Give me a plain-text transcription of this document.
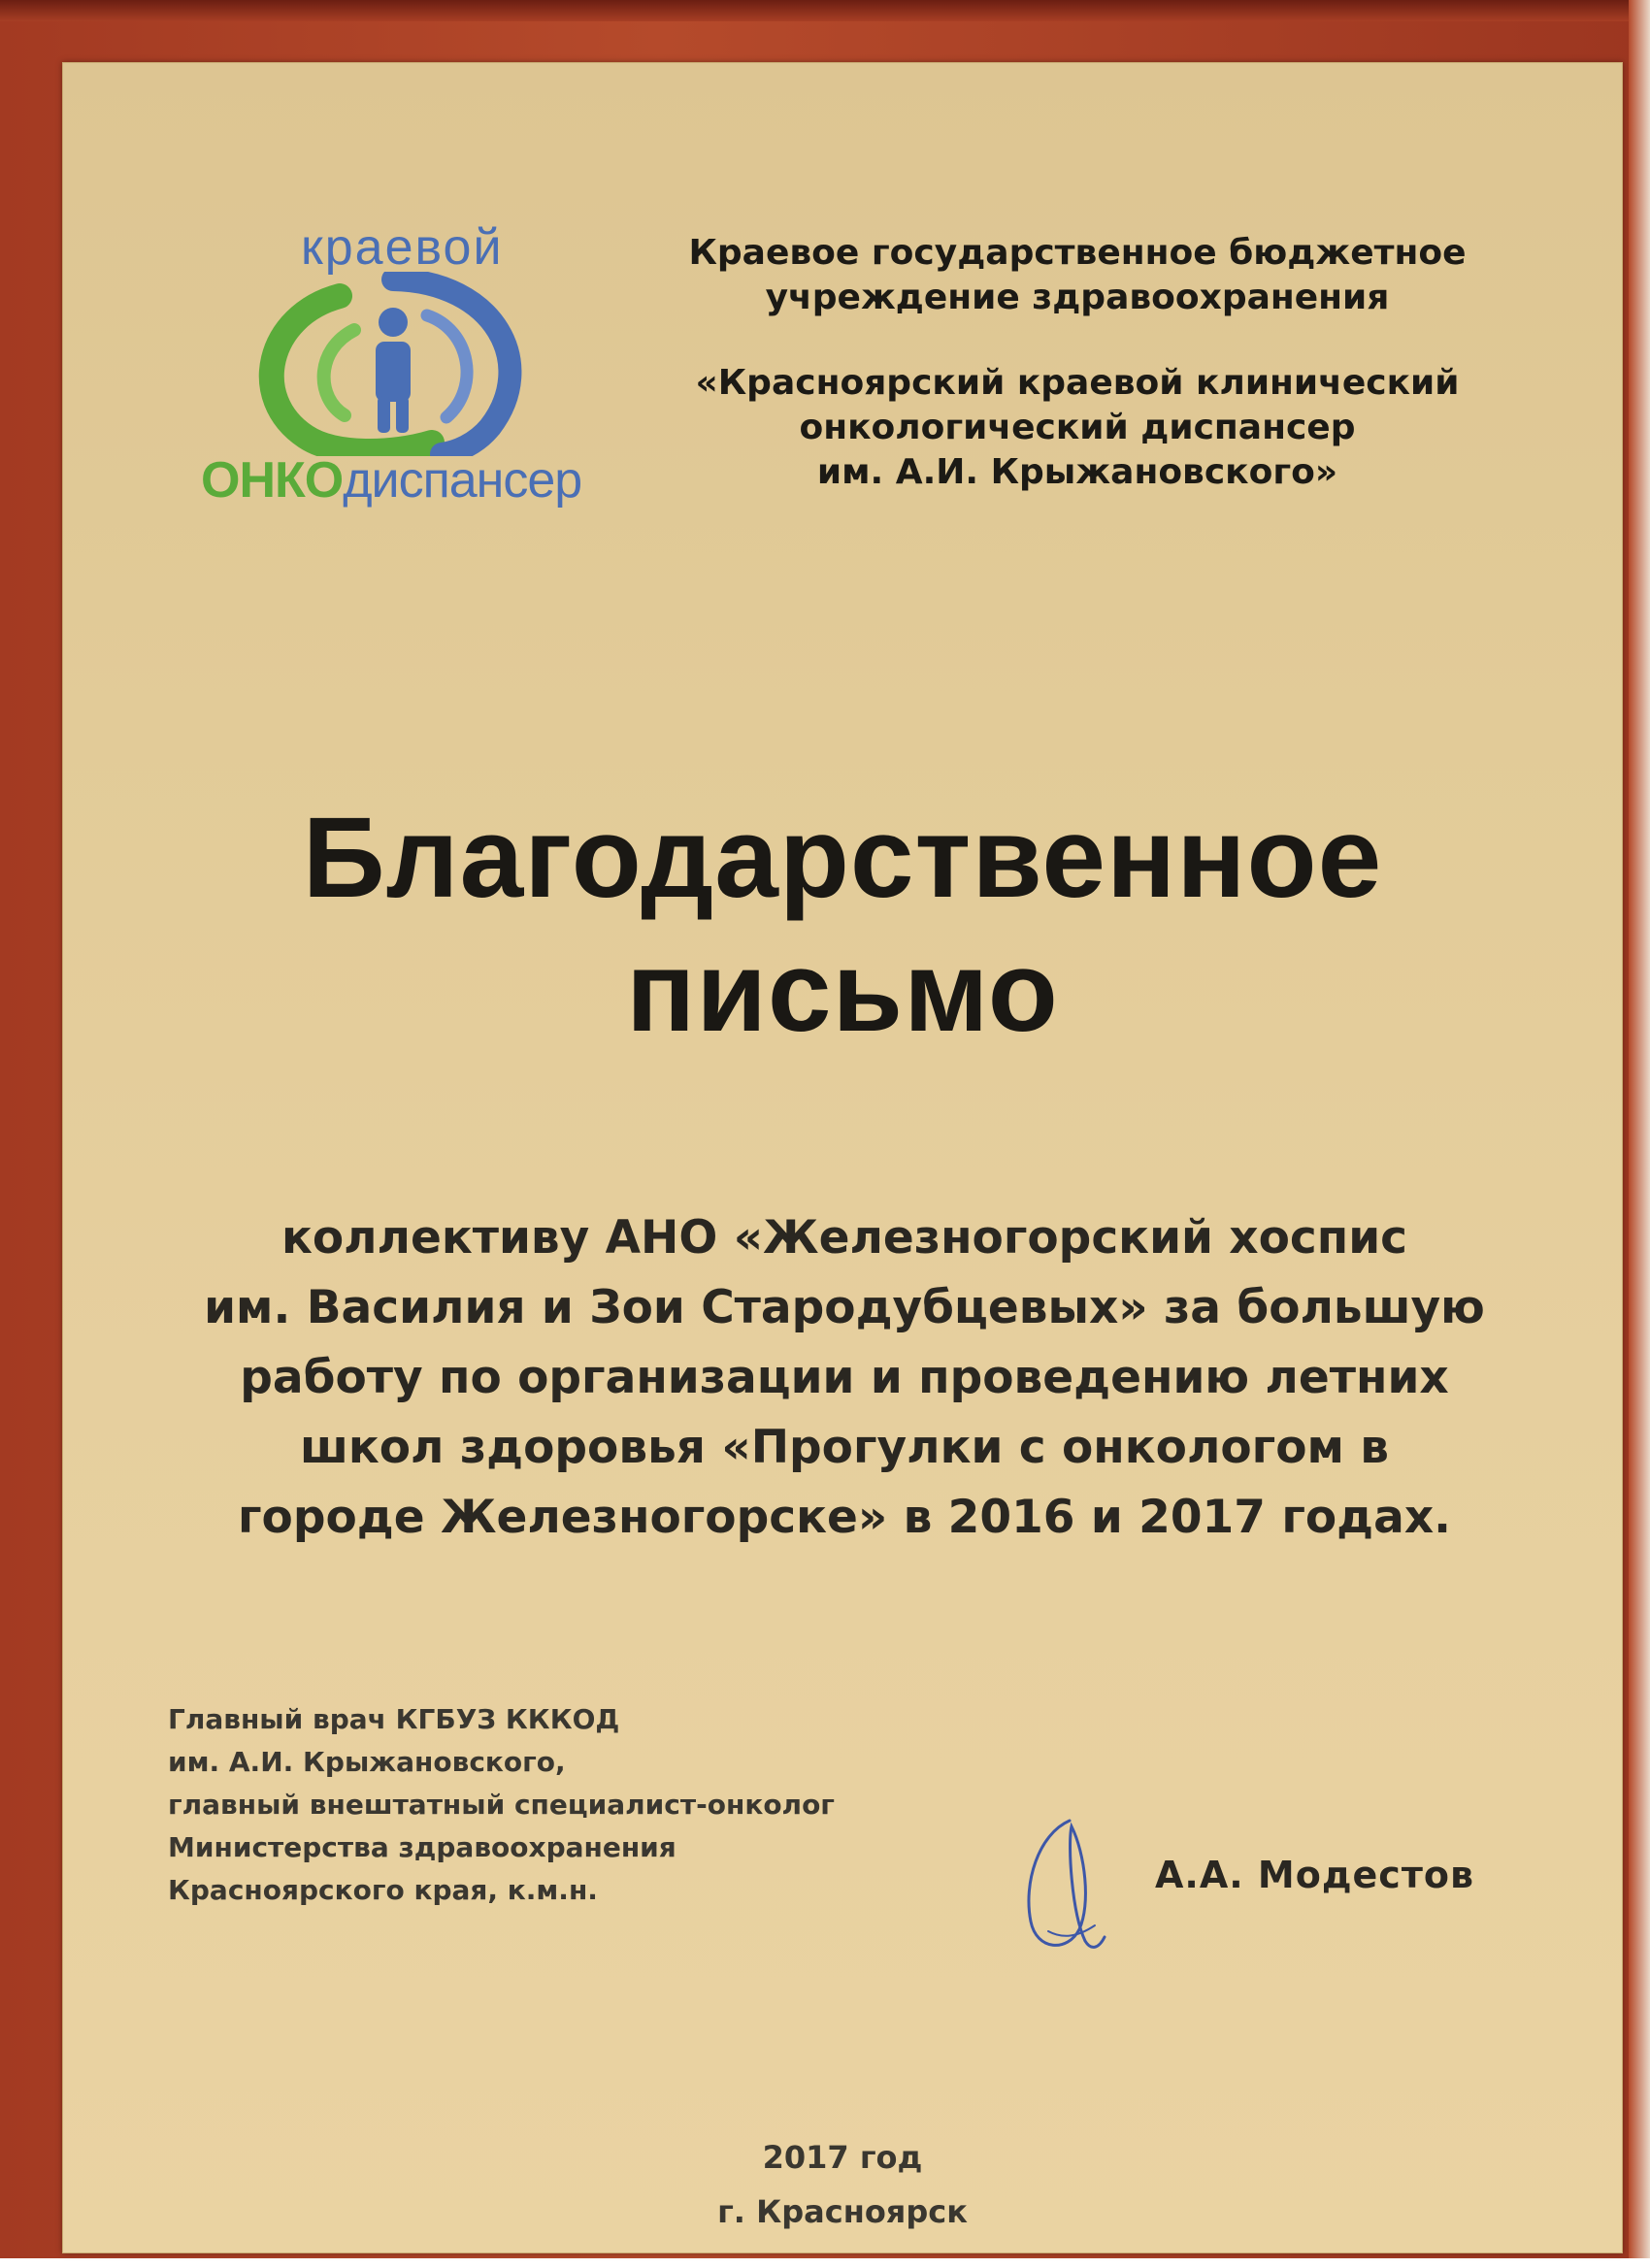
краевой
ОНКОдиспансер
Краевое государственное бюджетное
учреждение здравоохранения
«Красноярский краевой клинический
онкологический диспансер
им. А.И. Крыжановского»
Благодарственное
письмо
коллективу АНО «Железногорский хоспис
им. Василия и Зои Стародубцевых» за большую
работу по организации и проведению летних
школ здоровья «Прогулки с онкологом в
городе Железногорске» в 2016 и 2017 годах.
Главный врач КГБУЗ КККОД
им. А.И. Крыжановского,
главный внештатный специалист-онколог
Министерства здравоохранения
Красноярского края, к.м.н.	А.А. Модестов
2017 год
г. Красноярск
